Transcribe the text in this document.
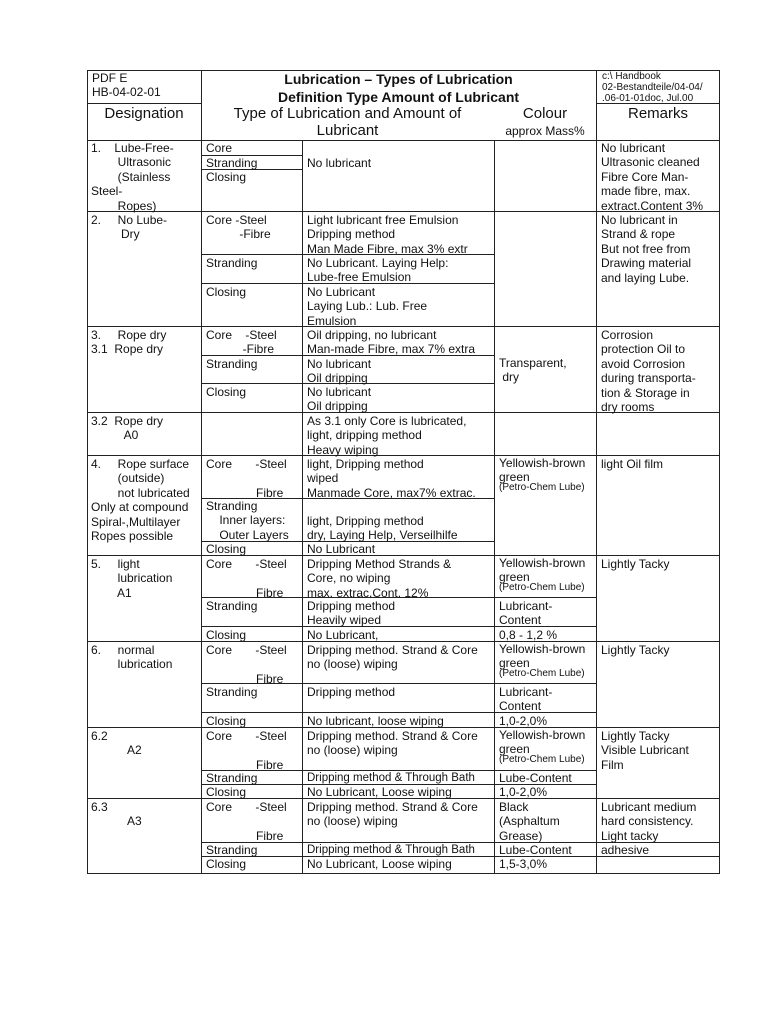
PDF E
HB-04-02-01
Lubrication – Types of Lubrication
Definition Type Amount of Lubricant
c:\ Handbook
02-Bestandteile/04-04/
.06-01-01doc, Jul.00
Designation	Type of Lubrication and Amount of
Lubricant
Colour
approx Mass%
Remarks
1.    Lube-Free-
Ultrasonic
(Stainless
Steel-
Ropes)
Core
Stranding
Closing
No lubricant
No lubricant
Ultrasonic cleaned
Fibre Core Man-
made fibre, max.
extract.Content 3%
2.     No Lube-
Dry
Core -Steel
-Fibre
Stranding
Closing
Light lubricant free Emulsion
Dripping method
Man Made Fibre, max 3% extr
No Lubricant. Laying Help:
Lube-free Emulsion
No Lubricant
Laying Lub.: Lub. Free
Emulsion
No lubricant in
Strand & rope
But not free from
Drawing material
and laying Lube.
3.     Rope dry
3.1  Rope dry
Core    -Steel
-Fibre
Stranding
Closing
Oil dripping, no lubricant
Man-made Fibre, max 7% extra
No lubricant
Oil dripping
No lubricant
Oil dripping
Transparent,
dry
Corrosion
protection Oil to
avoid Corrosion
during transporta-
tion & Storage in
dry rooms
3.2  Rope dry
A0
As 3.1 only Core is lubricated,
light, dripping method
Heavy wiping
4.     Rope surface
(outside)
not lubricated
Only at compound
Spiral-,Multilayer
Ropes possible
Core       -Steel

Fibre
Stranding
Inner layers:
Outer Layers
Closing
light, Dripping method
wiped
Manmade Core, max7% extrac.
light, Dripping method
dry, Laying Help, Verseilhilfe
No Lubricant
Yellowish-brown
green
(Petro-Chem Lube)
light Oil film
5.     light
lubrication
A1
Core       -Steel

Fibre
Stranding
Closing
Dripping Method Strands &
Core, no wiping
max. extrac.Cont. 12%
Dripping method
Heavily wiped
No Lubricant,
Yellowish-brown
green
(Petro-Chem Lube)
Lubricant-
Content
0,8 - 1,2 %
Lightly Tacky
6.     normal
lubrication
Core       -Steel

Fibre
Stranding
Closing
Dripping method. Strand & Core
no (loose) wiping
Dripping method
No lubricant, loose wiping
Yellowish-brown
green
(Petro-Chem Lube)
Lubricant-
Content
1,0-2,0%
Lightly Tacky
6.2
A2
Core       -Steel

Fibre
Stranding
Closing
Dripping method. Strand & Core
no (loose) wiping
Dripping method & Through Bath
No Lubricant, Loose wiping
Yellowish-brown
green
(Petro-Chem Lube)
Lube-Content
1,0-2,0%
Lightly Tacky
Visible Lubricant
Film
6.3
A3
Core       -Steel

Fibre
Stranding
Closing
Dripping method. Strand & Core
no (loose) wiping
Dripping method & Through Bath
No Lubricant, Loose wiping
Black
(Asphaltum
Grease)
Lube-Content
1,5-3,0%
Lubricant medium
hard consistency.
Light tacky
adhesive
